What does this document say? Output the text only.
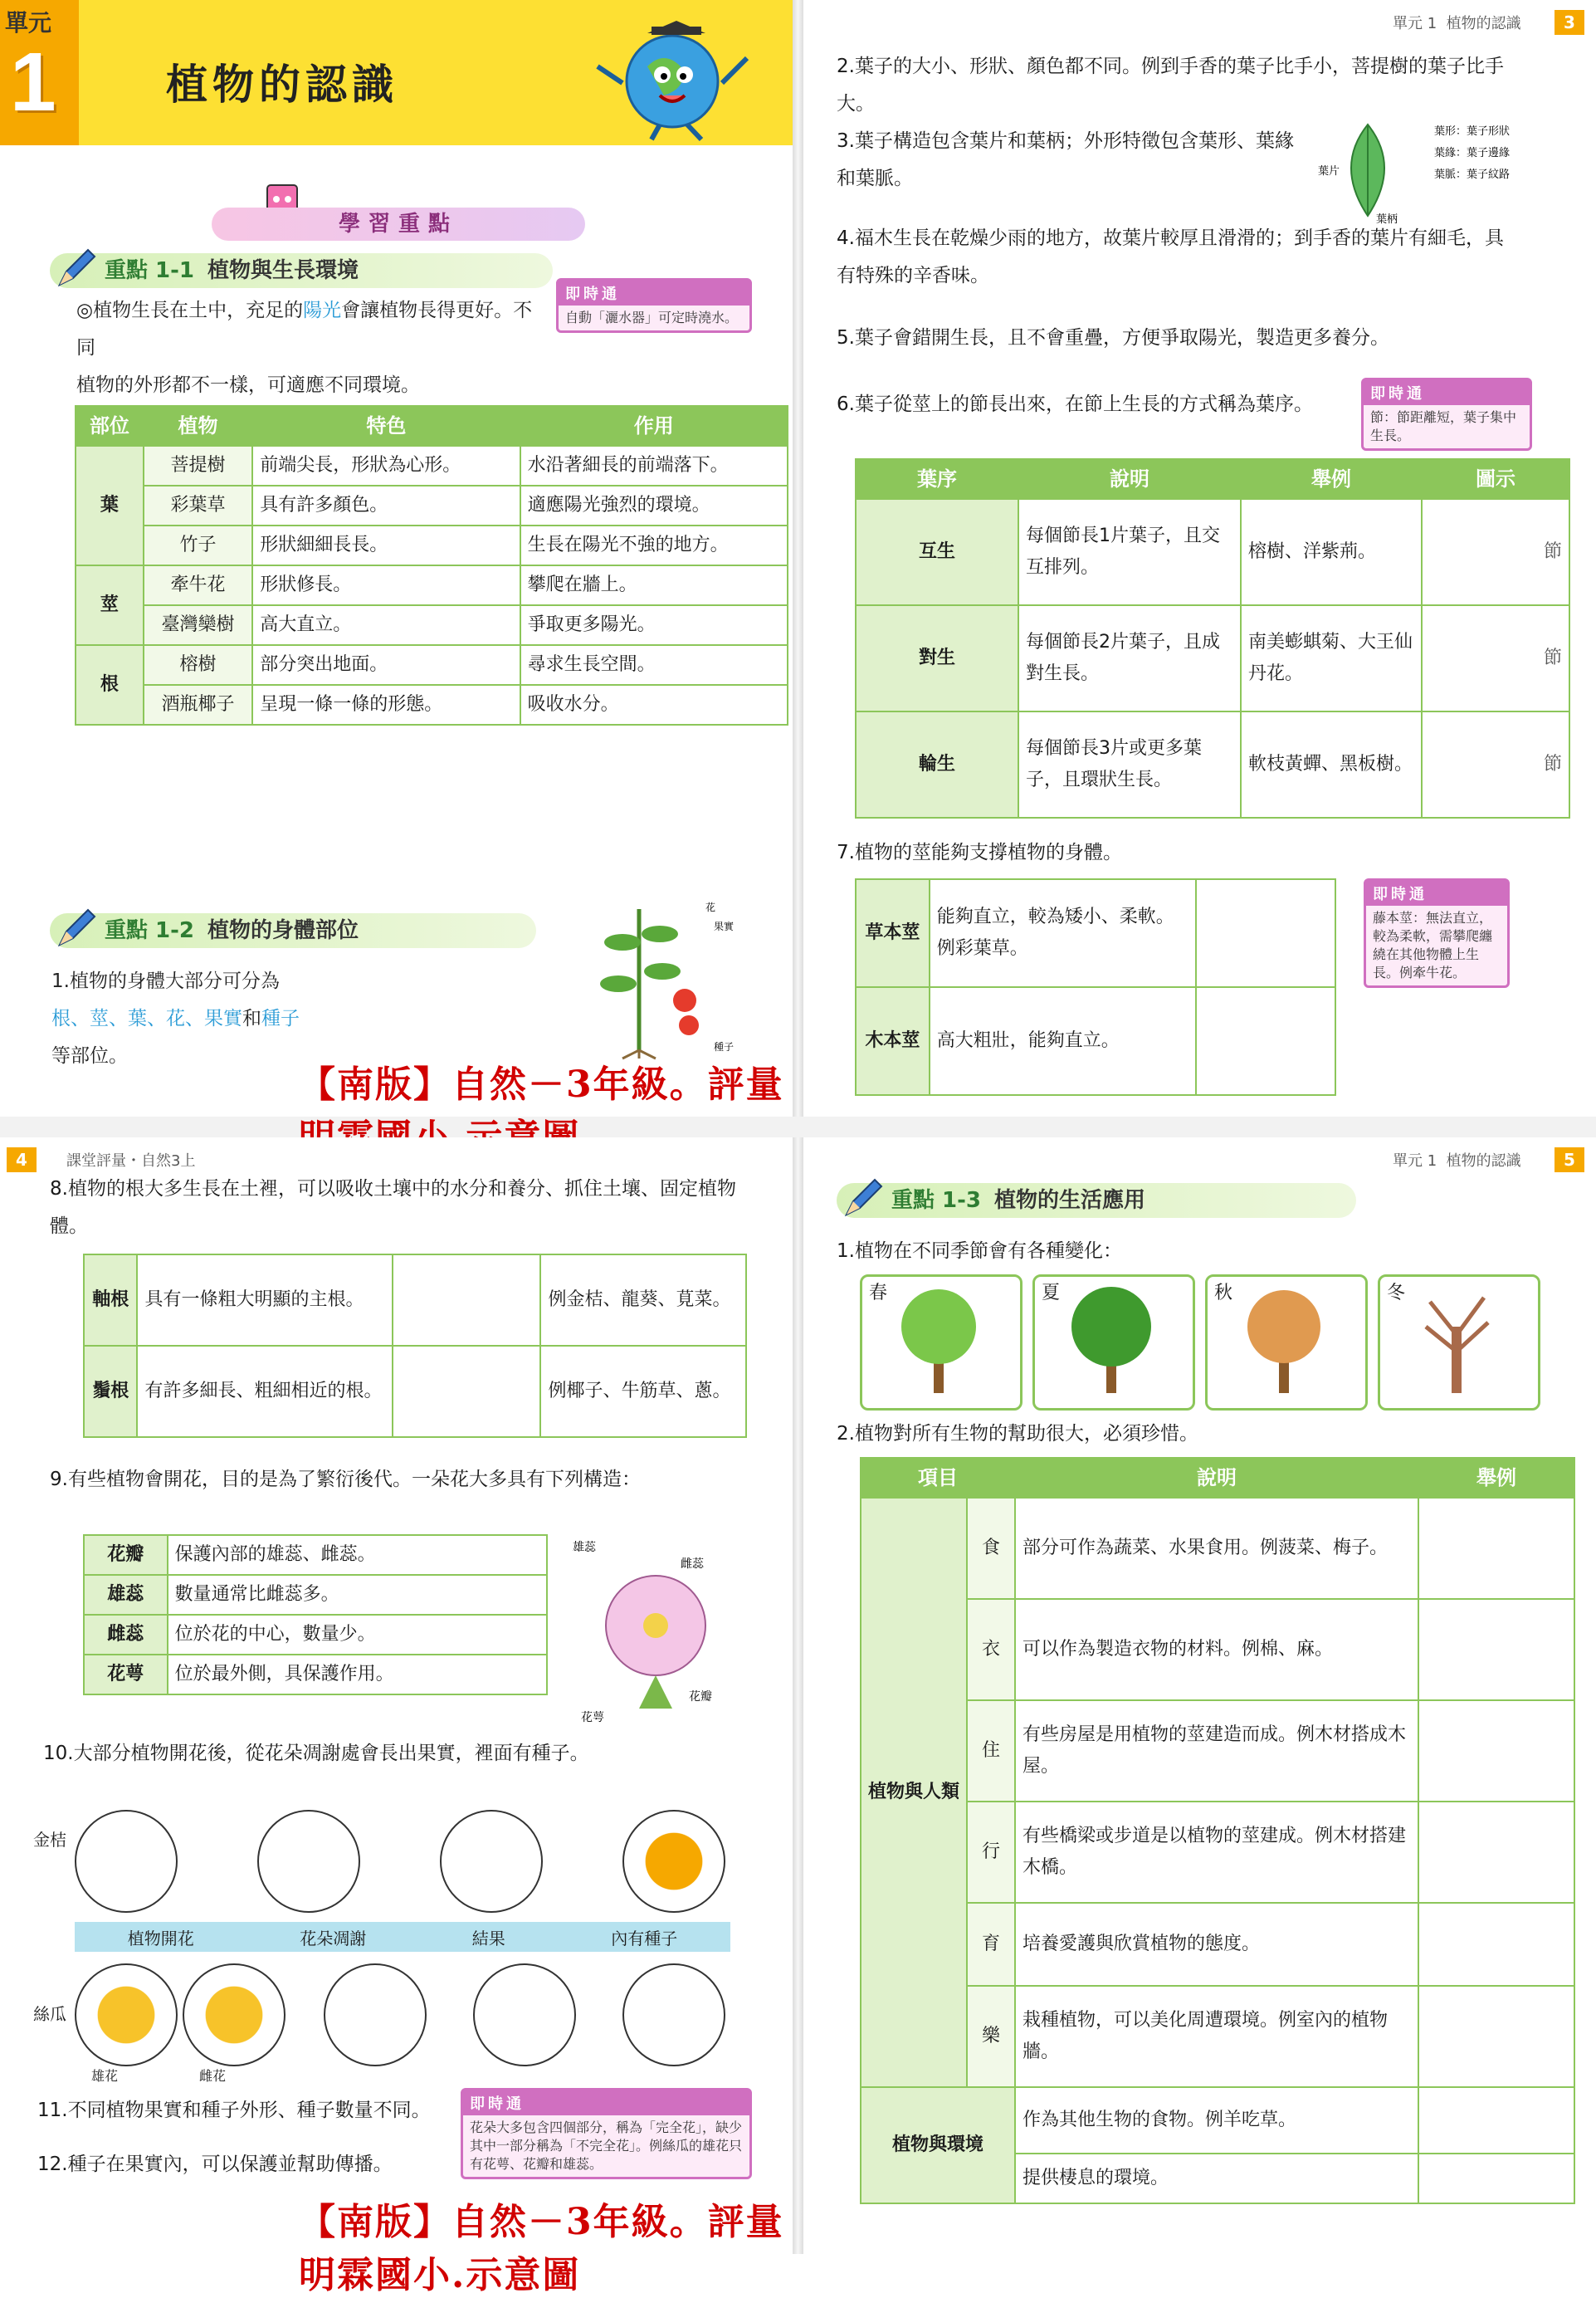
單元
1	植物的認識
學習重點
重點 1-1 植物與生長環境
◎植物生長在土中，充足的陽光會讓植物長得更好。不同
植物的外形都不一樣，可適應不同環境。
即時通
自動「灑水器」可定時澆水。
部位	植物	特色	作用
葉	菩提樹	前端尖長，形狀為心形。	水沿著細長的前端落下。
	彩葉草	具有許多顏色。	適應陽光強烈的環境。
	竹子	形狀細細長長。	生長在陽光不強的地方。
莖	牽牛花	形狀修長。	攀爬在牆上。
	臺灣欒樹	高大直立。	爭取更多陽光。
根	榕樹	部分突出地面。	尋求生長空間。
	酒瓶椰子	呈現一條一條的形態。	吸收水分。
重點 1-2 植物的身體部位
1.植物的身體大部分可分為
根、莖、葉、花、果實和種子
等部位。
花
果實
種子
【南版】自然－3年級。評量
單元 1 植物的認識	3
2.葉子的大小、形狀、顏色都不同。例到手香的葉子比手小，菩提樹的葉子比手大。
3.葉子構造包含葉片和葉柄；外形特徵包含葉形、葉緣和葉脈。
葉形：葉子形狀
葉緣：葉子邊緣
葉脈：葉子紋路
葉片
葉柄
4.福木生長在乾燥少雨的地方，故葉片較厚且滑滑的；到手香的葉片有細毛，具有特殊的辛香味。
5.葉子會錯開生長，且不會重疊，方便爭取陽光，製造更多養分。
6.葉子從莖上的節長出來，在節上生長的方式稱為葉序。	即時通
節：節距離短，葉子集中生長。
葉序	說明	舉例	圖示
互生	每個節長1片葉子，且交互排列。	榕樹、洋紫荊。	節
對生	每個節長2片葉子，且成對生長。	南美蟛蜞菊、大王仙丹花。	節
輪生	每個節長3片或更多葉子，且環狀生長。	軟枝黃蟬、黑板樹。	節
7.植物的莖能夠支撐植物的身體。
草本莖	能夠直立，較為矮小、柔軟。
例彩葉草。	
木本莖	高大粗壯，能夠直立。	
即時通
藤本莖：無法直立，較為柔軟，需攀爬纏繞在其他物體上生長。例牽牛花。
4	課堂評量・自然3上
8.植物的根大多生長在土裡，可以吸收土壤中的水分和養分、抓住土壤、固定植物體。
軸根	具有一條粗大明顯的主根。		例金桔、龍葵、莧菜。
鬚根	有許多細長、粗細相近的根。		例椰子、牛筋草、蔥。
9.有些植物會開花，目的是為了繁衍後代。一朵花大多具有下列構造：
花瓣	保護內部的雄蕊、雌蕊。
雄蕊	數量通常比雌蕊多。
雌蕊	位於花的中心，數量少。
花萼	位於最外側，具保護作用。
雄蕊
雌蕊
花萼
花瓣
10.大部分植物開花後，從花朵凋謝處會長出果實，裡面有種子。
金桔
絲瓜
植物開花	花朵凋謝	結果	內有種子
雄花	雌花
11.不同植物果實和種子外形、種子數量不同。
12.種子在果實內，可以保護並幫助傳播。
即時通
花朵大多包含四個部分，稱為「完全花」，缺少其中一部分稱為「不完全花」。例絲瓜的雄花只有花萼、花瓣和雄蕊。
【南版】自然－3年級。評量明霖國小.示意圖
單元 1 植物的認識	5
重點 1-3 植物的生活應用
1.植物在不同季節會有各種變化：
春	夏	秋	冬
2.植物對所有生物的幫助很大，必須珍惜。
項目		說明	舉例
植物與人類	食	部分可作為蔬菜、水果食用。例菠菜、梅子。	
	衣	可以作為製造衣物的材料。例棉、麻。	
	住	有些房屋是用植物的莖建造而成。例木材搭成木屋。	
	行	有些橋梁或步道是以植物的莖建成。例木材搭建木橋。	
	育	培養愛護與欣賞植物的態度。	
	樂	栽種植物，可以美化周遭環境。例室內的植物牆。	
植物與環境		作為其他生物的食物。例羊吃草。	
		提供棲息的環境。	
